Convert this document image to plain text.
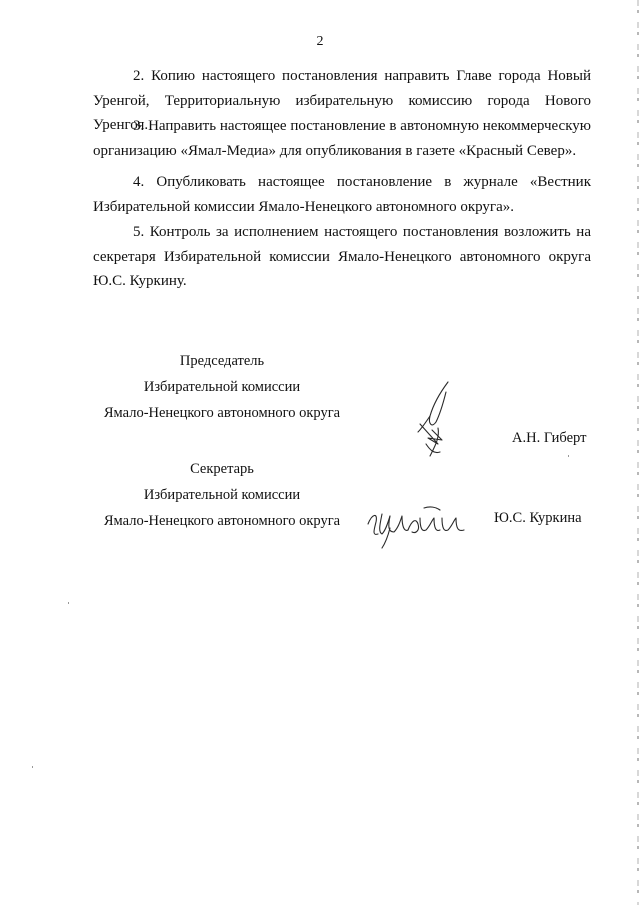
2

2. Копию настоящего постановления направить Главе города Новый Уренгой, Территориальную избирательную комиссию города Нового Уренгоя.

3. Направить настоящее постановление в автономную некоммерческую организацию «Ямал-Медиа» для опубликования в газете «Красный Север».

4. Опубликовать настоящее постановление в журнале «Вестник Избирательной комиссии Ямало-Ненецкого автономного округа».

5. Контроль за исполнением настоящего постановления возложить на секретаря Избирательной комиссии Ямало-Ненецкого автономного округа Ю.С. Куркину.

Председатель
Избирательной комиссии
Ямало-Ненецкого автономного округа
А.Н. Гиберт
Секретарь
Избирательной комиссии
Ямало-Ненецкого автономного округа	Ю.С. Куркина
